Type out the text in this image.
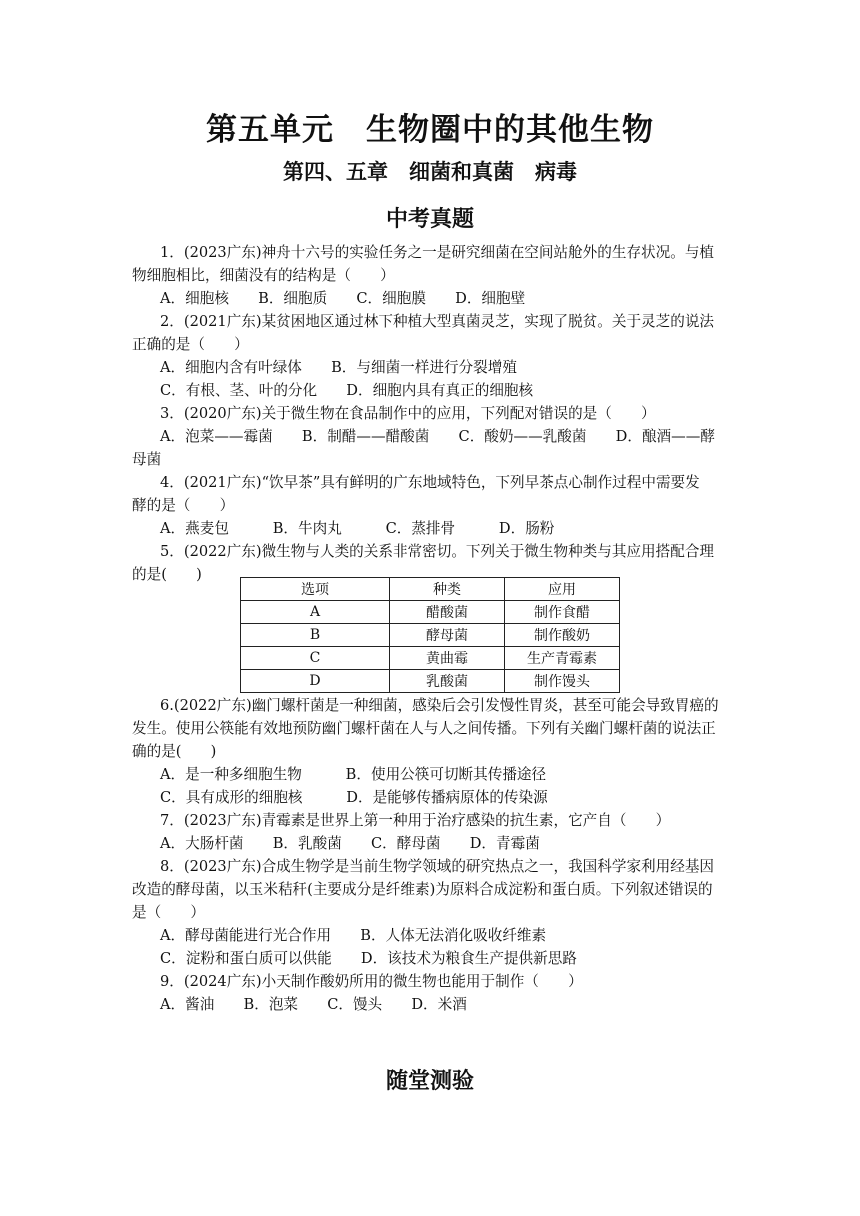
第五单元　生物圈中的其他生物
第四、五章　细菌和真菌　病毒
中考真题
1．(2023广东)神舟十六号的实验任务之一是研究细菌在空间站舱外的生存状况。与植
物细胞相比，细菌没有的结构是（　　）
A．细胞核　　B．细胞质　　C．细胞膜　　D．细胞壁
2．(2021广东)某贫困地区通过林下种植大型真菌灵芝，实现了脱贫。关于灵芝的说法
正确的是（　　）
A．细胞内含有叶绿体　　B．与细菌一样进行分裂增殖
C．有根、茎、叶的分化　　D．细胞内具有真正的细胞核
3．(2020广东)关于微生物在食品制作中的应用，下列配对错误的是（　　）
A．泡菜——霉菌　　B．制醋——醋酸菌　　C．酸奶——乳酸菌　　D．酿酒——酵
母菌
4．(2021广东)“饮早茶”具有鲜明的广东地域特色，下列早茶点心制作过程中需要发
酵的是（　　）
A．燕麦包　　　B．牛肉丸　　　C．蒸排骨　　　D．肠粉
5．(2022广东)微生物与人类的关系非常密切。下列关于微生物种类与其应用搭配合理
的是(　　)
选项	种类	应用
A	醋酸菌	制作食醋
B	酵母菌	制作酸奶
C	黄曲霉	生产青霉素
D	乳酸菌	制作馒头
6.(2022广东)幽门螺杆菌是一种细菌，感染后会引发慢性胃炎，甚至可能会导致胃癌的
发生。使用公筷能有效地预防幽门螺杆菌在人与人之间传播。下列有关幽门螺杆菌的说法正
确的是(　　)
A．是一种多细胞生物　　　B．使用公筷可切断其传播途径
C．具有成形的细胞核　　　D．是能够传播病原体的传染源
7．(2023广东)青霉素是世界上第一种用于治疗感染的抗生素，它产自（　　）
A．大肠杆菌　　B．乳酸菌　　C．酵母菌　　D．青霉菌
8．(2023广东)合成生物学是当前生物学领域的研究热点之一，我国科学家利用经基因
改造的酵母菌，以玉米秸秆(主要成分是纤维素)为原料合成淀粉和蛋白质。下列叙述错误的
是（　　）
A．酵母菌能进行光合作用　　B．人体无法消化吸收纤维素
C．淀粉和蛋白质可以供能　　D．该技术为粮食生产提供新思路
9．(2024广东)小天制作酸奶所用的微生物也能用于制作（　　）
A．酱油　　B．泡菜　　C．馒头　　D．米酒
随堂测验
